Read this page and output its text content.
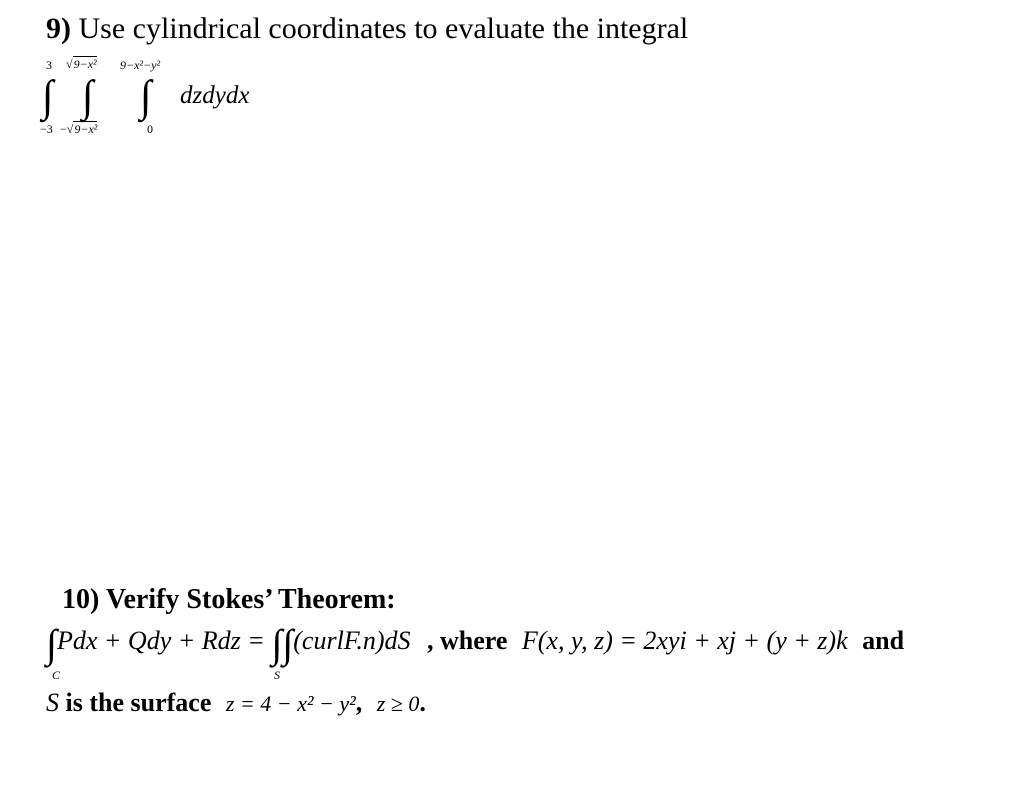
9) Use cylindrical coordinates to evaluate the integral
3
∫
−3
√9−x²
∫
−√9−x²
9−x²−y²
∫
0
dzdydx
10) Verify Stokes’ Theorem:
∫Pdx + Qdy + Rdz = ∫∫(curlF.n)dS , where F(x, y, z) = 2xyi + xj + (y + z)k and
C	S
S is the surface z = 4 − x² − y², z ≥ 0.
